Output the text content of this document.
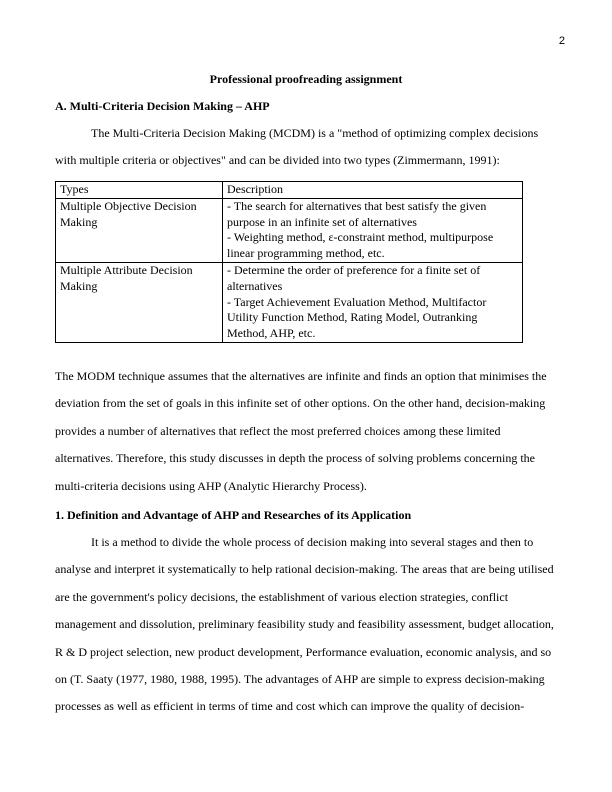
2
Professional proofreading assignment
A. Multi-Criteria Decision Making – AHP

The Multi-Criteria Decision Making (MCDM) is a "method of optimizing complex decisions with multiple criteria or objectives" and can be divided into two types (Zimmermann, 1991):

Types	Description
Multiple Objective Decision Making	- The search for alternatives that best satisfy the given purpose in an infinite set of alternatives
- Weighting method, ε-constraint method, multipurpose linear programming method, etc.

Multiple Attribute Decision Making	- Determine the order of preference for a finite set of alternatives
- Target Achievement Evaluation Method, Multifactor Utility Function Method, Rating Model, Outranking Method, AHP, etc.

The MODM technique assumes that the alternatives are infinite and finds an option that minimises the deviation from the set of goals in this infinite set of other options. On the other hand, decision-making provides a number of alternatives that reflect the most preferred choices among these limited alternatives. Therefore, this study discusses in depth the process of solving problems concerning the multi-criteria decisions using AHP (Analytic Hierarchy Process).

1. Definition and Advantage of AHP and Researches of its Application

It is a method to divide the whole process of decision making into several stages and then to analyse and interpret it systematically to help rational decision-making. The areas that are being utilised are the government's policy decisions, the establishment of various election strategies, conflict management and dissolution, preliminary feasibility study and feasibility assessment, budget allocation, R & D project selection, new product development, Performance evaluation, economic analysis, and so on (T. Saaty (1977, 1980, 1988, 1995). The advantages of AHP are simple to express decision-making processes as well as efficient in terms of time and cost which can improve the quality of decision-
